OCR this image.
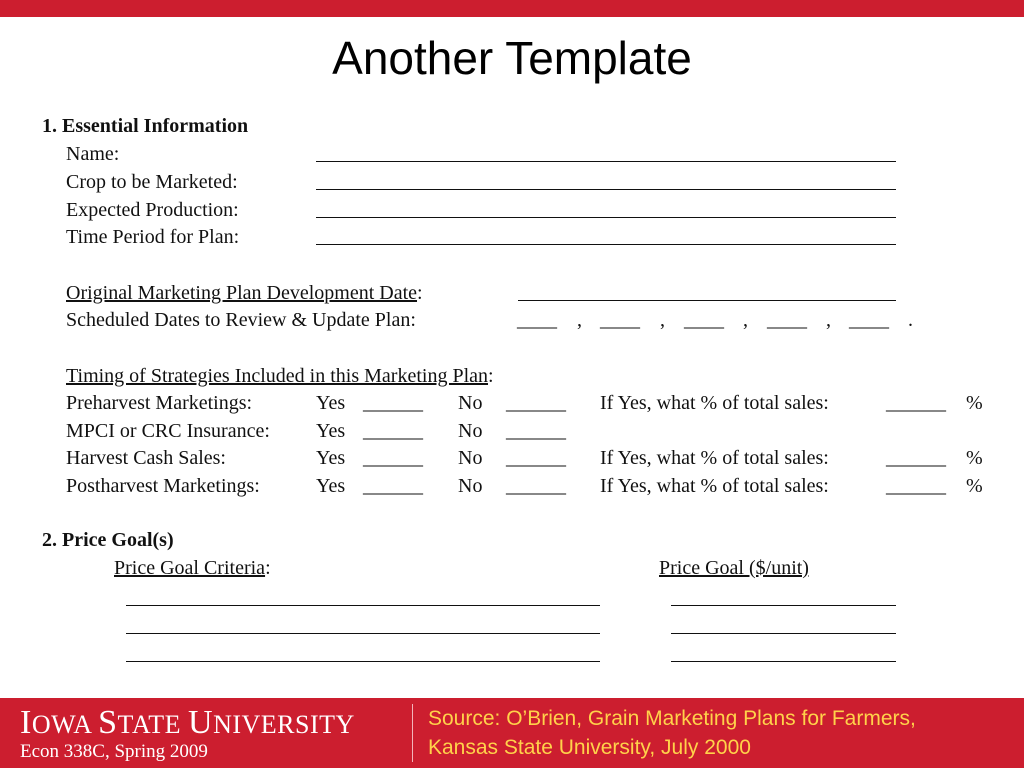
Another Template
1. Essential Information
Name:
Crop to be Marketed:
Expected Production:
Time Period for Plan:
Original Marketing Plan Development Date:
Scheduled Dates to Review & Update Plan:	____ , ____ , ____ , ____ , ____ .
Timing of Strategies Included in this Marketing Plan:
Preharvest Marketings:	Yes ______ No ______ If Yes, what % of total sales:	______ %
MPCI or CRC Insurance: Yes ______ No ______
Harvest Cash Sales:	Yes ______ No ______ If Yes, what % of total sales:	______ %
Postharvest Marketings:	Yes ______ No ______ If Yes, what % of total sales:	______ %
2. Price Goal(s)
Price Goal Criteria:	Price Goal ($/unit)
IOWA STATE UNIVERSITY
Econ 338C, Spring 2009
Source: O’Brien, Grain Marketing Plans for Farmers,
Kansas State University, July 2000
